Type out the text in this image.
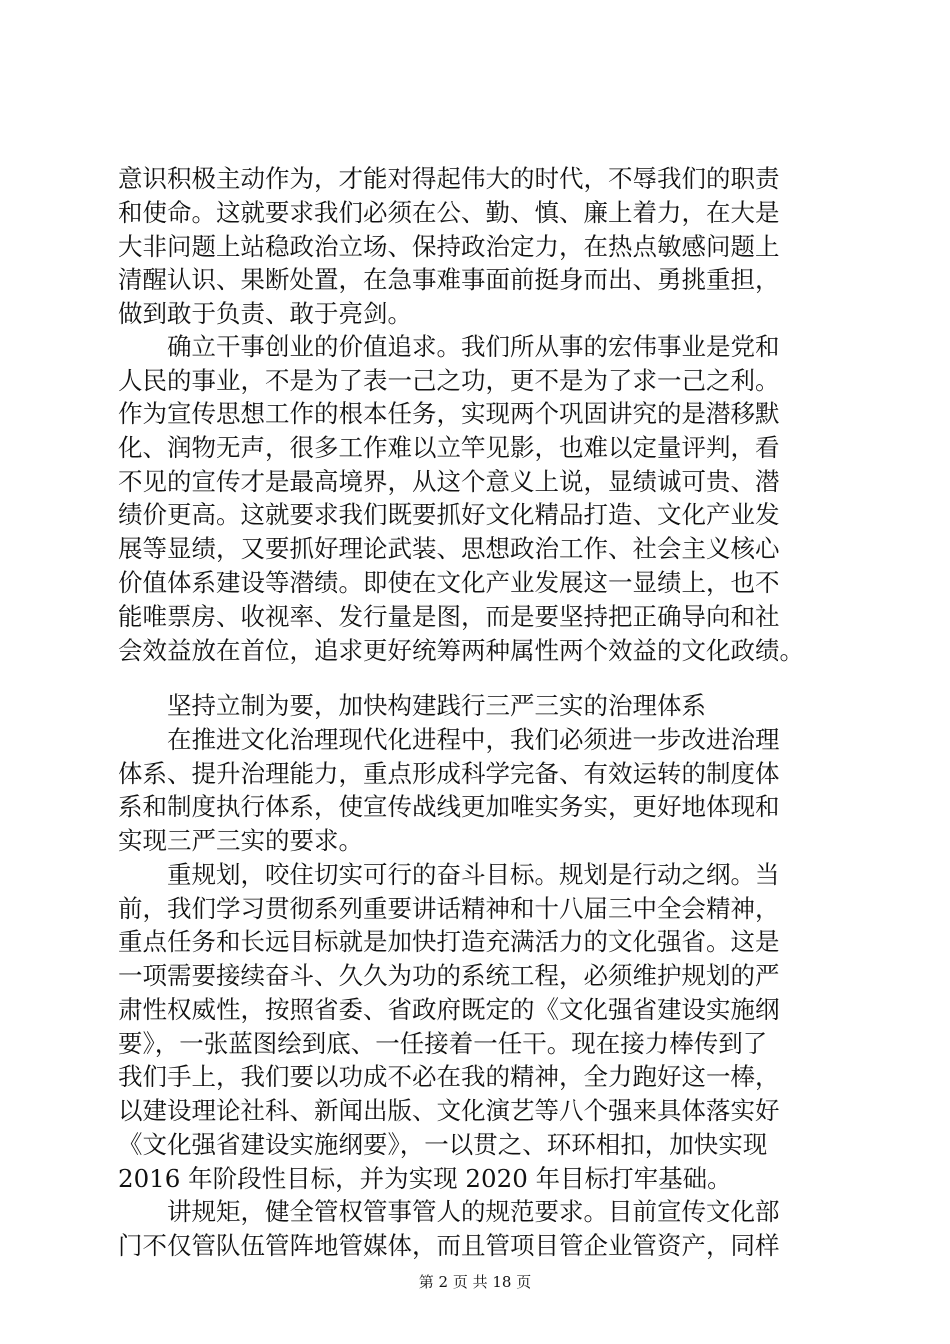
意识积极主动作为，才能对得起伟大的时代，不辱我们的职责
和使命。这就要求我们必须在公、勤、慎、廉上着力，在大是
大非问题上站稳政治立场、保持政治定力，在热点敏感问题上
清醒认识、果断处置，在急事难事面前挺身而出、勇挑重担，
做到敢于负责、敢于亮剑。
确立干事创业的价值追求。我们所从事的宏伟事业是党和
人民的事业，不是为了表一己之功，更不是为了求一己之利。
作为宣传思想工作的根本任务，实现两个巩固讲究的是潜移默
化、润物无声，很多工作难以立竿见影，也难以定量评判，看
不见的宣传才是最高境界，从这个意义上说，显绩诚可贵、潜
绩价更高。这就要求我们既要抓好文化精品打造、文化产业发
展等显绩，又要抓好理论武装、思想政治工作、社会主义核心
价值体系建设等潜绩。即使在文化产业发展这一显绩上，也不
能唯票房、收视率、发行量是图，而是要坚持把正确导向和社
会效益放在首位，追求更好统筹两种属性两个效益的文化政绩。
坚持立制为要，加快构建践行三严三实的治理体系
在推进文化治理现代化进程中，我们必须进一步改进治理
体系、提升治理能力，重点形成科学完备、有效运转的制度体
系和制度执行体系，使宣传战线更加唯实务实，更好地体现和
实现三严三实的要求。
重规划，咬住切实可行的奋斗目标。规划是行动之纲。当
前，我们学习贯彻系列重要讲话精神和十八届三中全会精神，
重点任务和长远目标就是加快打造充满活力的文化强省。这是
一项需要接续奋斗、久久为功的系统工程，必须维护规划的严
肃性权威性，按照省委、省政府既定的《文化强省建设实施纲
要》，一张蓝图绘到底、一任接着一任干。现在接力棒传到了
我们手上，我们要以功成不必在我的精神，全力跑好这一棒，
以建设理论社科、新闻出版、文化演艺等八个强来具体落实好
《文化强省建设实施纲要》，一以贯之、环环相扣，加快实现
2016 年阶段性目标，并为实现 2020 年目标打牢基础。
讲规矩，健全管权管事管人的规范要求。目前宣传文化部
门不仅管队伍管阵地管媒体，而且管项目管企业管资产，同样
第 2 页 共 18 页
